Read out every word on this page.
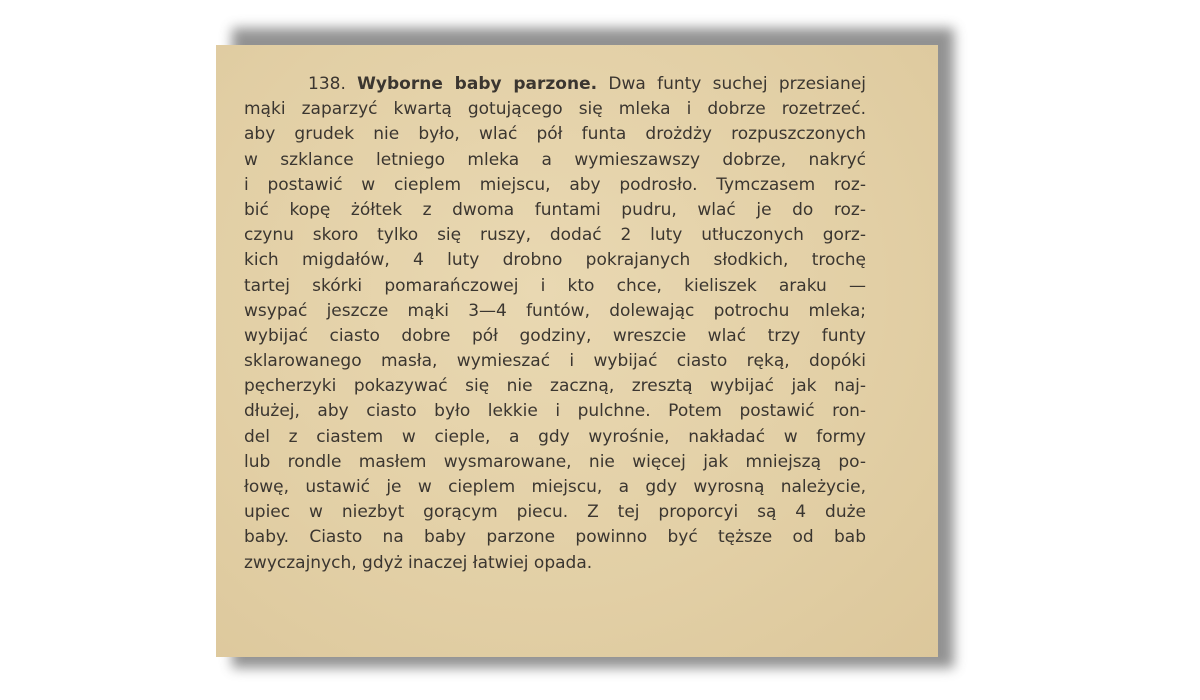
138. Wyborne baby parzone. Dwa funty suchej przesianej
mąki zaparzyć kwartą gotującego się mleka i dobrze rozetrzeć.
aby grudek nie było, wlać pół funta drożdży rozpuszczonych
w szklance letniego mleka a wymieszawszy dobrze, nakryć
i postawić w cieplem miejscu, aby podrosło. Tymczasem roz-
bić kopę żółtek z dwoma funtami pudru, wlać je do roz-
czynu skoro tylko się ruszy, dodać 2 luty utłuczonych gorz-
kich migdałów, 4 luty drobno pokrajanych słodkich, trochę
tartej skórki pomarańczowej i kto chce, kieliszek araku —
wsypać jeszcze mąki 3—4 funtów, dolewając potrochu mleka;
wybijać ciasto dobre pół godziny, wreszcie wlać trzy funty
sklarowanego masła, wymieszać i wybijać ciasto ręką, dopóki
pęcherzyki pokazywać się nie zaczną, zresztą wybijać jak naj-
dłużej, aby ciasto było lekkie i pulchne. Potem postawić ron-
del z ciastem w cieple, a gdy wyrośnie, nakładać w formy
lub rondle masłem wysmarowane, nie więcej jak mniejszą po-
łowę, ustawić je w cieplem miejscu, a gdy wyrosną należycie,
upiec w niezbyt gorącym piecu. Z tej proporcyi są 4 duże
baby. Ciasto na baby parzone powinno być tęższe od bab
zwyczajnych, gdyż inaczej łatwiej opada.
